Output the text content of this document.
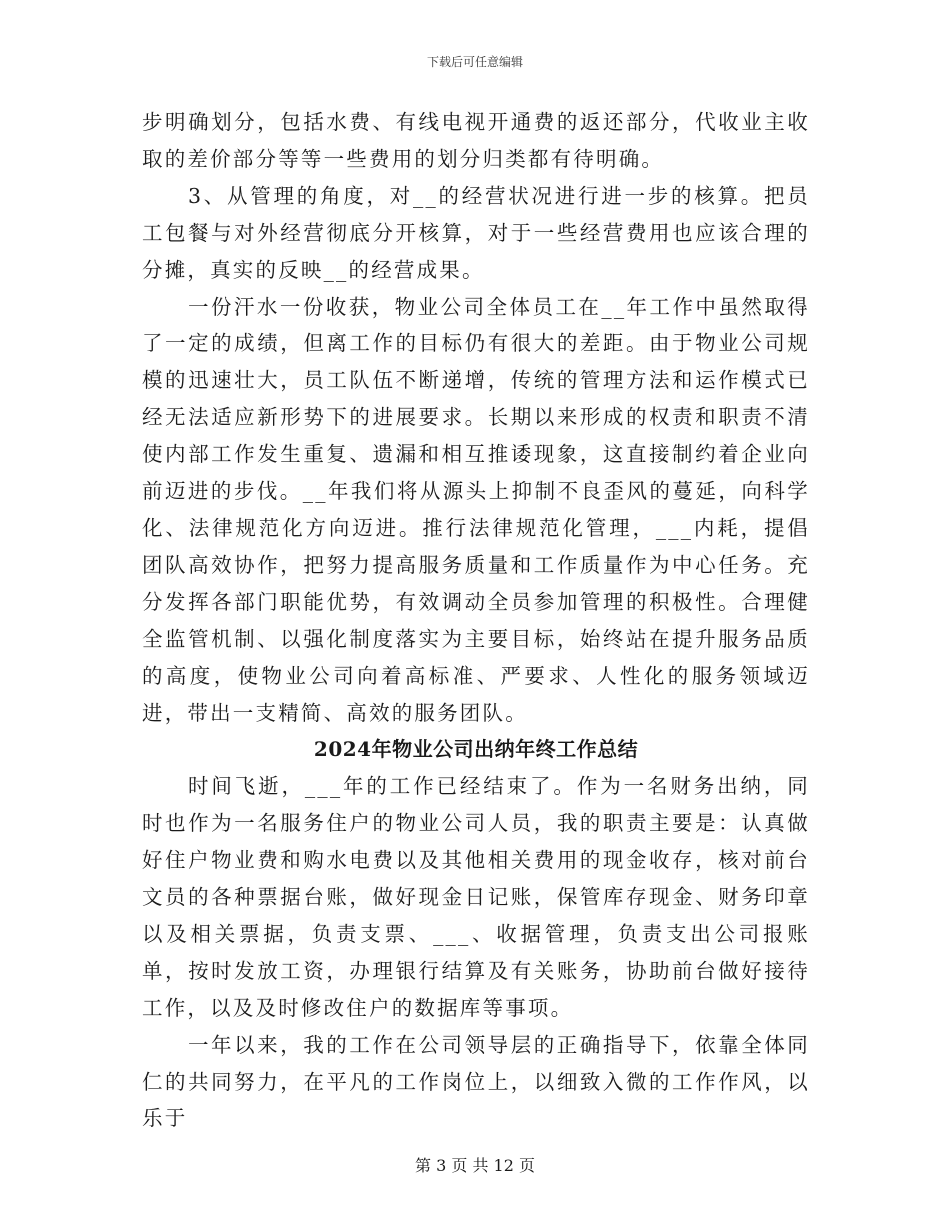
下载后可任意编辑

步明确划分，包括水费、有线电视开通费的返还部分，代收业主收取的差价部分等等一些费用的划分归类都有待明确。

3、从管理的角度，对__的经营状况进行进一步的核算。把员工包餐与对外经营彻底分开核算，对于一些经营费用也应该合理的分摊，真实的反映__的经营成果。

一份汗水一份收获，物业公司全体员工在__年工作中虽然取得了一定的成绩，但离工作的目标仍有很大的差距。由于物业公司规模的迅速壮大，员工队伍不断递增，传统的管理方法和运作模式已经无法适应新形势下的进展要求。长期以来形成的权责和职责不清使内部工作发生重复、遗漏和相互推诿现象，这直接制约着企业向前迈进的步伐。__年我们将从源头上抑制不良歪风的蔓延，向科学化、法律规范化方向迈进。推行法律规范化管理，___内耗，提倡团队高效协作，把努力提高服务质量和工作质量作为中心任务。充分发挥各部门职能优势，有效调动全员参加管理的积极性。合理健全监管机制、以强化制度落实为主要目标，始终站在提升服务品质的高度，使物业公司向着高标准、严要求、人性化的服务领域迈进，带出一支精简、高效的服务团队。

2024年物业公司出纳年终工作总结

时间飞逝，___年的工作已经结束了。作为一名财务出纳，同时也作为一名服务住户的物业公司人员，我的职责主要是：认真做好住户物业费和购水电费以及其他相关费用的现金收存，核对前台文员的各种票据台账，做好现金日记账，保管库存现金、财务印章以及相关票据，负责支票、___、收据管理，负责支出公司报账单，按时发放工资，办理银行结算及有关账务，协助前台做好接待工作，以及及时修改住户的数据库等事项。

一年以来，我的工作在公司领导层的正确指导下，依靠全体同仁的共同努力，在平凡的工作岗位上，以细致入微的工作作风，以乐于

第 3 页 共 12 页
